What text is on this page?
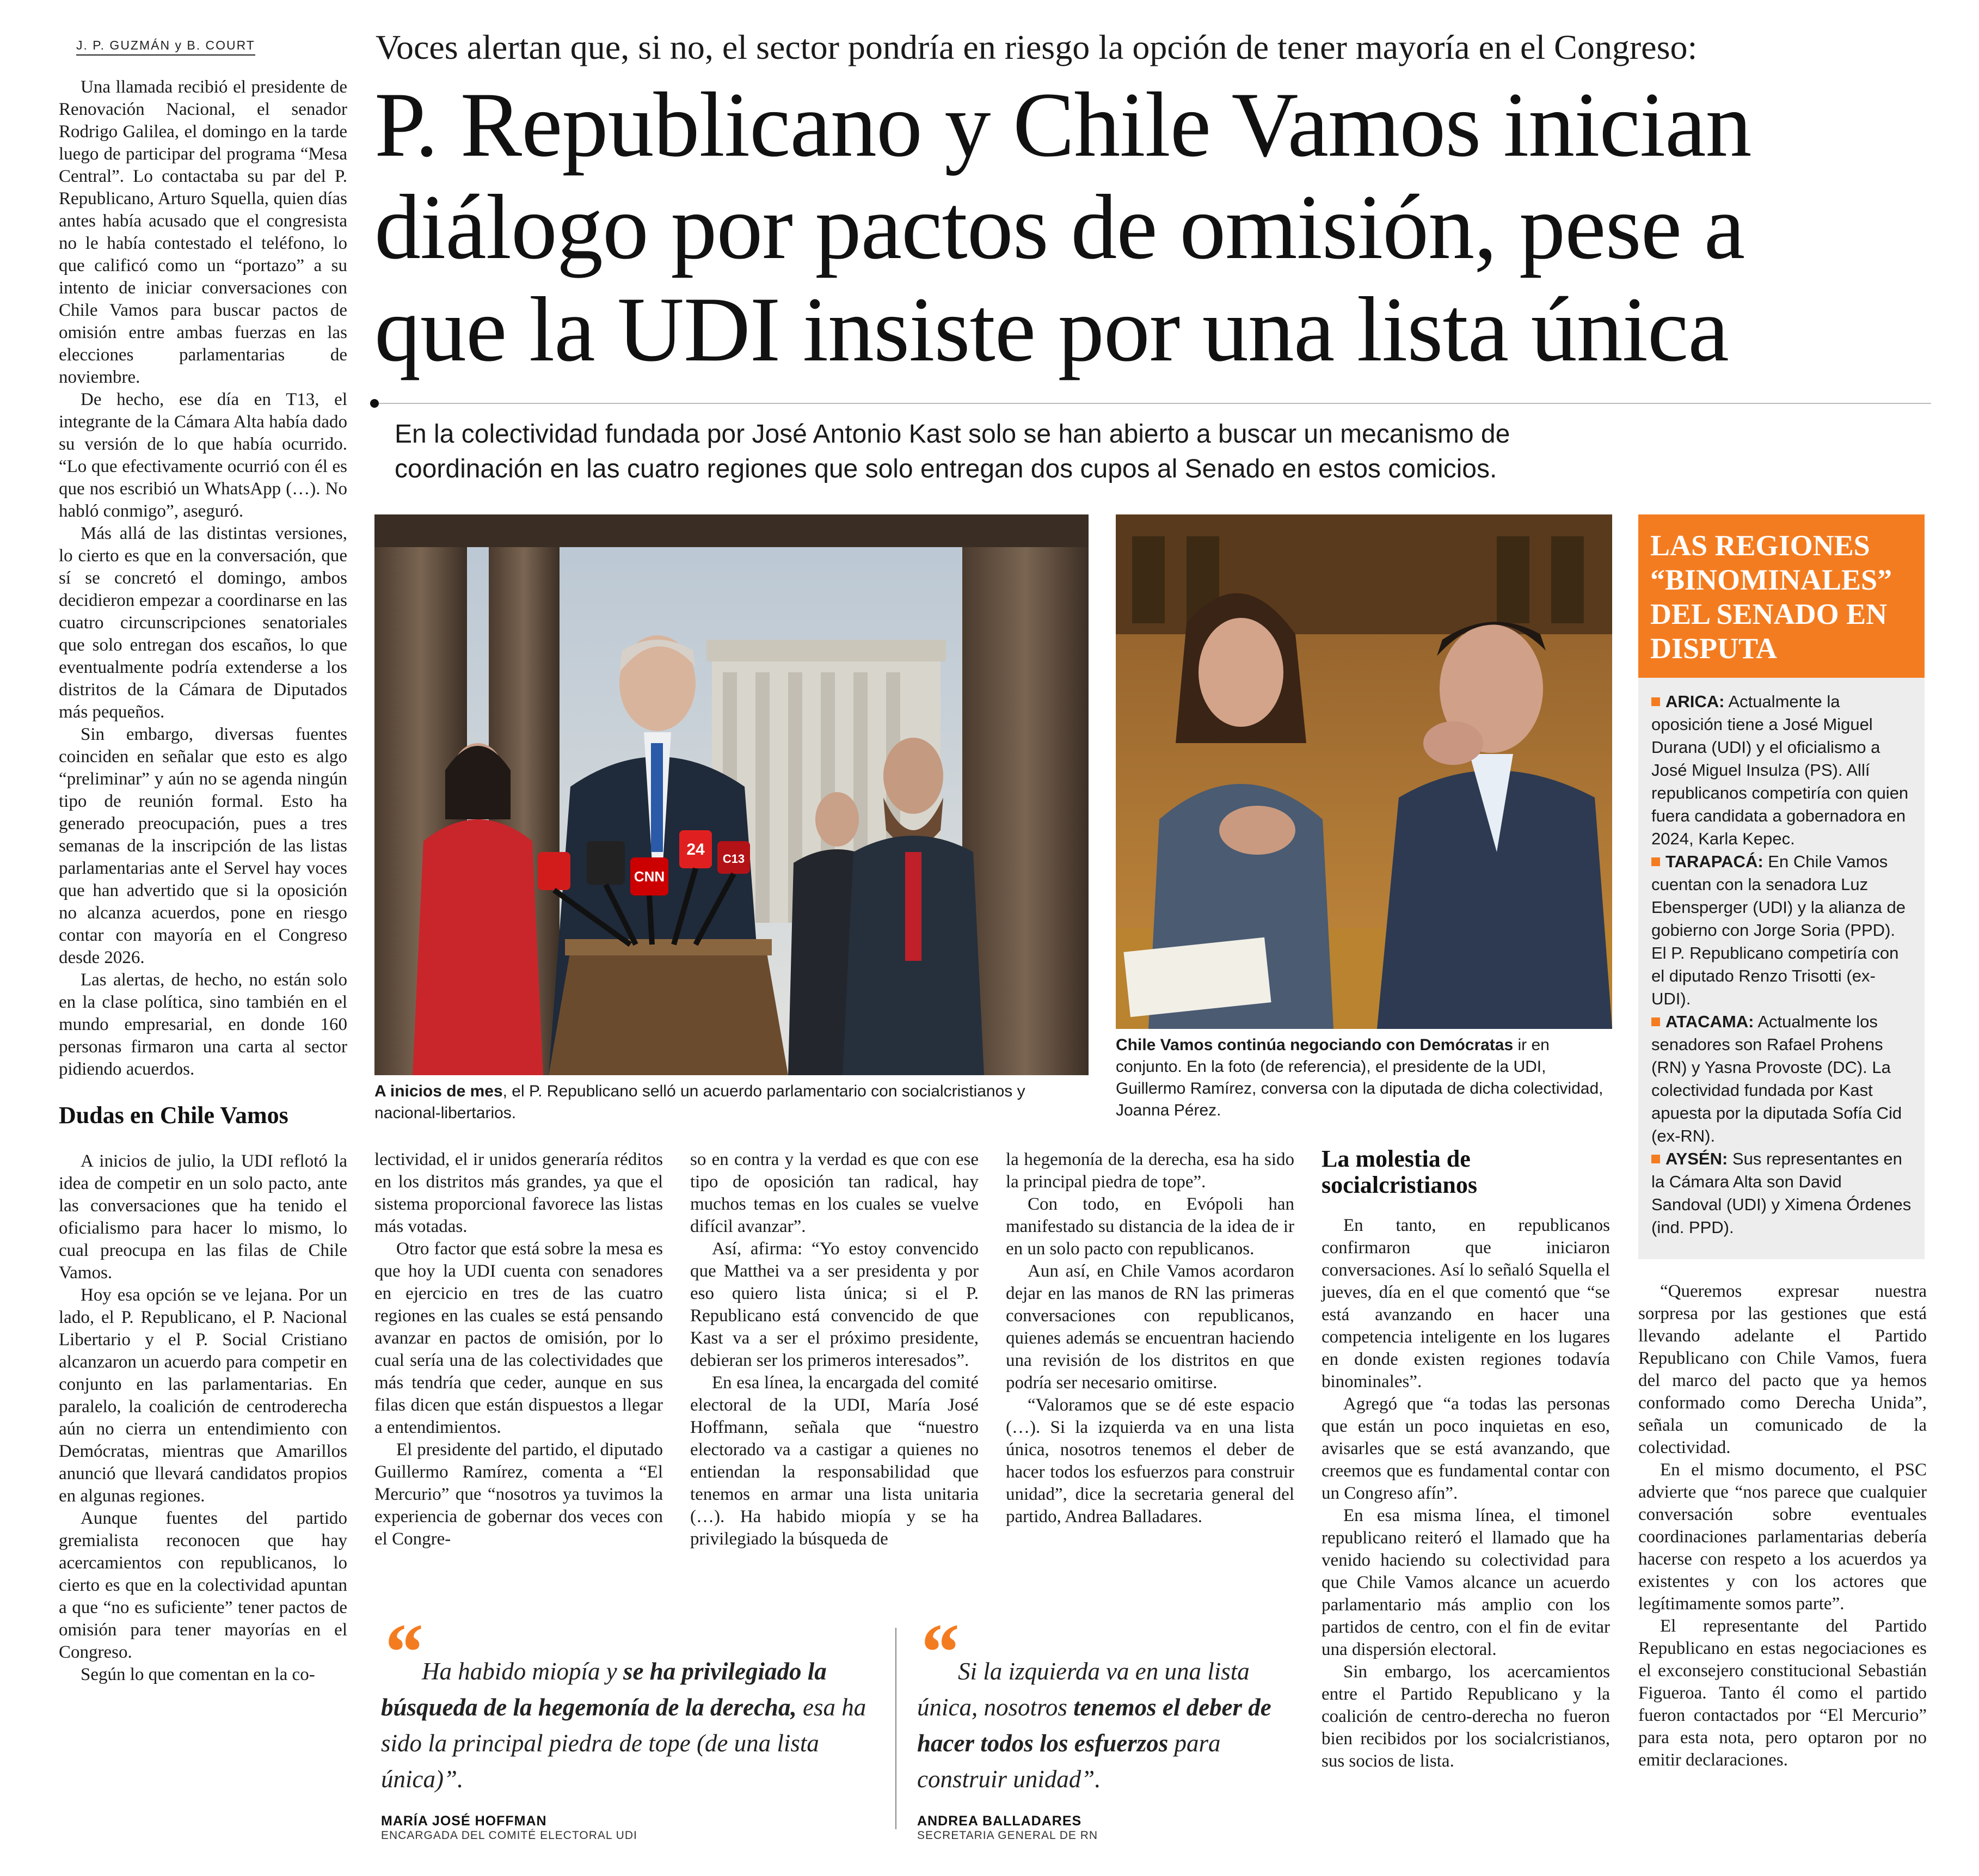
J. P. GUZMÁN y B. COURT

Una llamada recibió el presidente de Renovación Nacional, el senador Rodrigo Galilea, el domingo en la tarde luego de participar del programa “Mesa Central”. Lo contactaba su par del P. Republicano, Arturo Squella, quien días antes había acusado que el congresista no le había contestado el teléfono, lo que calificó como un “portazo” a su intento de iniciar conversaciones con Chile Vamos para buscar pactos de omisión entre ambas fuerzas en las elecciones parlamentarias de noviembre.

De hecho, ese día en T13, el integrante de la Cámara Alta había dado su versión de lo que había ocurrido. “Lo que efectivamente ocurrió con él es que nos escribió un WhatsApp (…). No habló conmigo”, aseguró.

Más allá de las distintas versiones, lo cierto es que en la conversación, que sí se concretó el domingo, ambos decidieron empezar a coordinarse en las cuatro circunscripciones senatoriales que solo entregan dos escaños, lo que eventualmente podría extenderse a los distritos de la Cámara de Diputados más pequeños.

Sin embargo, diversas fuentes coinciden en señalar que esto es algo “preliminar” y aún no se agenda ningún tipo de reunión formal. Esto ha generado preocupación, pues a tres semanas de la inscripción de las listas parlamentarias ante el Servel hay voces que han advertido que si la oposición no alcanza acuerdos, pone en riesgo contar con mayoría en el Congreso desde 2026.

Las alertas, de hecho, no están solo en la clase política, sino también en el mundo empresarial, en donde 160 personas firmaron una carta al sector pidiendo acuerdos.

Dudas en Chile Vamos

A inicios de julio, la UDI reflotó la idea de competir en un solo pacto, ante las conversaciones que ha tenido el oficialismo para hacer lo mismo, lo cual preocupa en las filas de Chile Vamos.

Hoy esa opción se ve lejana. Por un lado, el P. Republicano, el P. Nacional Libertario y el P. Social Cristiano alcanzaron un acuerdo para competir en conjunto en las parlamentarias. En paralelo, la coalición de centroderecha aún no cierra un entendimiento con Demócratas, mientras que Amarillos anunció que llevará candidatos propios en algunas regiones.

Aunque fuentes del partido gremialista reconocen que hay acercamientos con republicanos, lo cierto es que en la colectividad apuntan a que “no es suficiente” tener pactos de omisión para tener mayorías en el Congreso.

Según lo que comentan en la co-

Voces alertan que, si no, el sector pondría en riesgo la opción de tener mayoría en el Congreso:
P. Republicano y Chile Vamos inician
diálogo por pactos de omisión, pese a
que la UDI insiste por una lista única
En la colectividad fundada por José Antonio Kast solo se han abierto a buscar un mecanismo de
coordinación en las cuatro regiones que solo entregan dos cupos al Senado en estos comicios.
CNN
24
C13
A inicios de mes, el P. Republicano selló un acuerdo parlamentario con socialcristianos y nacional-libertarios.
Chile Vamos continúa negociando con Demócratas ir en conjunto. En la foto (de referencia), el presidente de la UDI, Guillermo Ramírez, conversa con la diputada de dicha colectividad, Joanna Pérez.
LAS REGIONES “BINOMINALES” DEL SENADO EN DISPUTA
ARICA: Actualmente la oposición tiene a José Miguel Durana (UDI) y el oficialismo a José Miguel Insulza (PS). Allí republicanos competiría con quien fuera candidata a gobernadora en 2024, Karla Kepec.
TARAPACÁ: En Chile Vamos cuentan con la senadora Luz Ebensperger (UDI) y la alianza de gobierno con Jorge Soria (PPD). El P. Republicano competiría con el diputado Renzo Trisotti (ex-UDI).
ATACAMA: Actualmente los senadores son Rafael Prohens (RN) y Yasna Provoste (DC). La colectividad fundada por Kast apuesta por la diputada Sofía Cid (ex-RN).
AYSÉN: Sus representantes en la Cámara Alta son David Sandoval (UDI) y Ximena Órdenes (ind. PPD).

lectividad, el ir unidos generaría réditos en los distritos más grandes, ya que el sistema proporcional favorece las listas más votadas.

Otro factor que está sobre la mesa es que hoy la UDI cuenta con senadores en ejercicio en tres de las cuatro regiones en las cuales se está pensando avanzar en pactos de omisión, por lo cual sería una de las colectividades que más tendría que ceder, aunque en sus filas dicen que están dispuestos a llegar a entendimientos.

El presidente del partido, el diputado Guillermo Ramírez, comenta a “El Mercurio” que “nosotros ya tuvimos la experiencia de gobernar dos veces con el Congre-

so en contra y la verdad es que con ese tipo de oposición tan radical, hay muchos temas en los cuales se vuelve difícil avanzar”.

Así, afirma: “Yo estoy convencido que Matthei va a ser presidenta y por eso quiero lista única; si el P. Republicano está convencido de que Kast va a ser el próximo presidente, debieran ser los primeros interesados”.

En esa línea, la encargada del comité electoral de la UDI, María José Hoffmann, señala que “nuestro electorado va a castigar a quienes no entiendan la responsabilidad que tenemos en armar una lista unitaria (…). Ha habido miopía y se ha privilegiado la búsqueda de

la hegemonía de la derecha, esa ha sido la principal piedra de tope”.

Con todo, en Evópoli han manifestado su distancia de la idea de ir en un solo pacto con republicanos.

Aun así, en Chile Vamos acordaron dejar en las manos de RN las primeras conversaciones con republicanos, quienes además se encuentran haciendo una revisión de los distritos en que podría ser necesario omitirse.

“Valoramos que se dé este espacio (…). Si la izquierda va en una lista única, nosotros tenemos el deber de hacer todos los esfuerzos para construir unidad”, dice la secretaria general del partido, Andrea Balladares.

La molestia de
socialcristianos

En tanto, en republicanos confirmaron que iniciaron conversaciones. Así lo señaló Squella el jueves, día en el que comentó que “se está avanzando en hacer una competencia inteligente en los lugares en donde existen regiones todavía binominales”.

Agregó que “a todas las personas que están un poco inquietas en eso, avisarles que se está avanzando, que creemos que es fundamental contar con un Congreso afín”.

En esa misma línea, el timonel republicano reiteró el llamado que ha venido haciendo su colectividad para que Chile Vamos alcance un acuerdo parlamentario más amplio con los partidos de centro, con el fin de evitar una dispersión electoral.

Sin embargo, los acercamientos entre el Partido Republicano y la coalición de centro-derecha no fueron bien recibidos por los socialcristianos, sus socios de lista.

“Queremos expresar nuestra sorpresa por las gestiones que está llevando adelante el Partido Republicano con Chile Vamos, fuera del marco del pacto que ya hemos conformado como Derecha Unida”, señala un comunicado de la colectividad.

En el mismo documento, el PSC advierte que “nos parece que cualquier conversación sobre eventuales coordinaciones parlamentarias debería hacerse con respeto a los acuerdos ya existentes y con los actores que legítimamente somos parte”.

El representante del Partido Republicano en estas negociaciones es el exconsejero constitucional Sebastián Figueroa. Tanto él como el partido fueron contactados por “El Mercurio” para esta nota, pero optaron por no emitir declaraciones.

“Ha habido miopía y se ha privilegiado la búsqueda de la hegemonía de la derecha, esa ha sido la principal piedra de tope (de una lista única)”.
MARÍA JOSÉ HOFFMAN
ENCARGADA DEL COMITÉ ELECTORAL UDI
“Si la izquierda va en una lista única, nosotros tenemos el deber de hacer todos los esfuerzos para construir unidad”.
ANDREA BALLADARES
SECRETARIA GENERAL DE RN
